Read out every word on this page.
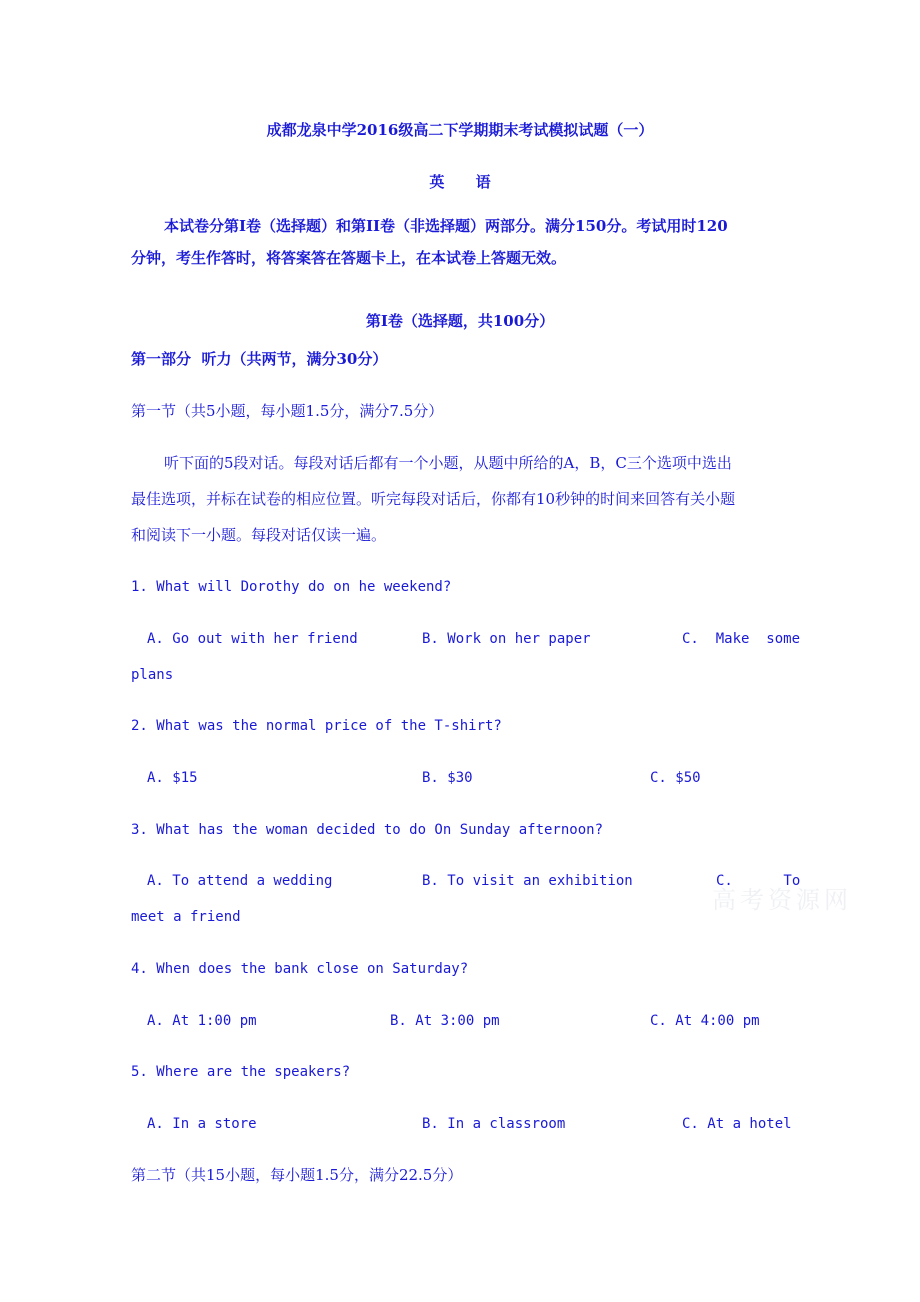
成都龙泉中学2016级高二下学期期末考试模拟试题（一）
英      语
本试卷分第Ⅰ卷（选择题）和第II卷（非选择题）两部分。满分150分。考试用时120
分钟，考生作答时，将答案答在答题卡上，在本试卷上答题无效。
第Ⅰ卷（选择题，共100分）
第一部分  听力（共两节，满分30分）
第一节（共5小题，每小题1.5分，满分7.5分）
听下面的5段对话。每段对话后都有一个小题，从题中所给的A，B，C三个选项中选出
最佳选项，并标在试卷的相应位置。听完每段对话后，你都有10秒钟的时间来回答有关小题
和阅读下一小题。每段对话仅读一遍。
1. What will Dorothy do on he weekend?
A. Go out with her friend	B. Work on her paper	C.  Make  some
plans
2. What was the normal price of the T-shirt?
A. $15	B. $30	C. $50
3. What has the woman decided to do On Sunday afternoon?
A. To attend a wedding	B. To visit an exhibition	C.      To
meet a friend
4. When does the bank close on Saturday?
A. At 1:00 pm	B. At 3:00 pm	C. At 4:00 pm
5. Where are the speakers?
A. In a store	B. In a classroom	C. At a hotel
第二节（共15小题，每小题1.5分，满分22.5分）
高考资源网
